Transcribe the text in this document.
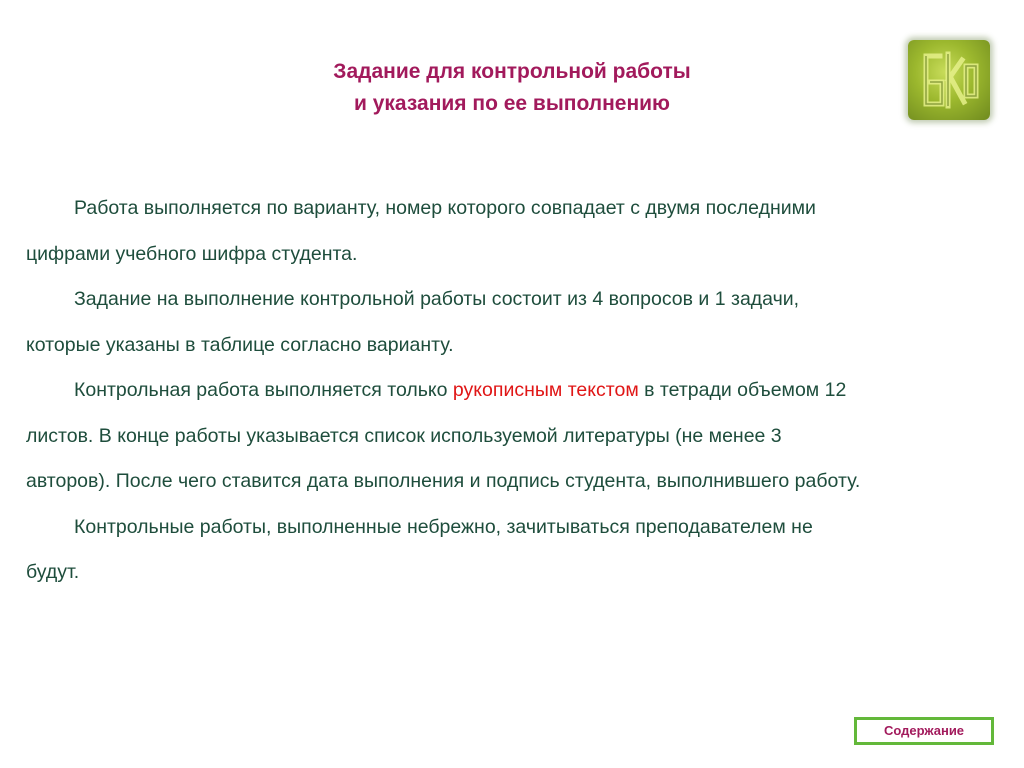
Задание для контрольной работы
и указания по ее выполнению

Работа выполняется по варианту, номер которого совпадает с двумя последними

цифрами учебного шифра студента.

Задание на выполнение контрольной работы состоит из 4 вопросов и 1 задачи,

которые указаны в таблице согласно варианту.

Контрольная работа выполняется только рукописным текстом в тетради объемом 12

листов. В конце работы указывается список используемой литературы (не менее 3

авторов). После чего ставится дата выполнения и подпись студента, выполнившего работу.

Контрольные работы, выполненные небрежно, зачитываться преподавателем не

будут.

Содержание
